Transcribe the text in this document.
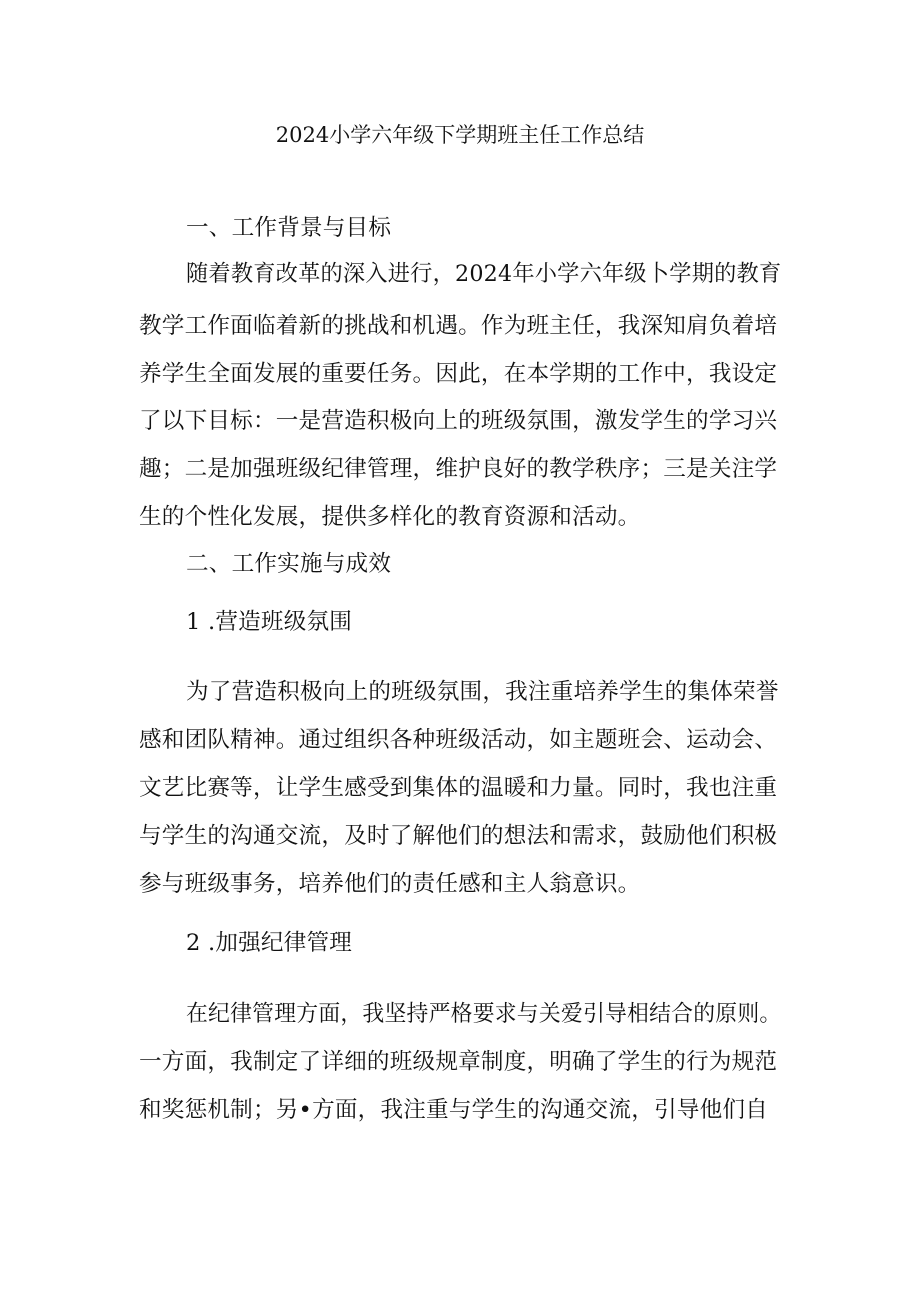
2024小学六年级下学期班主任工作总结
一、工作背景与目标
随着教育改革的深入进行，2024年小学六年级卜学期的教育
教学工作面临着新的挑战和机遇。作为班主任，我深知肩负着培
养学生全面发展的重要任务。因此，在本学期的工作中，我设定
了以下目标：一是营造积极向上的班级氛围，激发学生的学习兴
趣；二是加强班级纪律管理，维护良好的教学秩序；三是关注学
生的个性化发展，提供多样化的教育资源和活动。
二、工作实施与成效
1 .营造班级氛围
为了营造积极向上的班级氛围，我注重培养学生的集体荣誉
感和团队精神。通过组织各种班级活动，如主题班会、运动会、
文艺比赛等，让学生感受到集体的温暖和力量。同时，我也注重
与学生的沟通交流，及时了解他们的想法和需求，鼓励他们积极
参与班级事务，培养他们的责任感和主人翁意识。
2 .加强纪律管理
在纪律管理方面，我坚持严格要求与关爱引导相结合的原则。
一方面，我制定了详细的班级规章制度，明确了学生的行为规范
和奖惩机制；另•方面，我注重与学生的沟通交流，引导他们自
